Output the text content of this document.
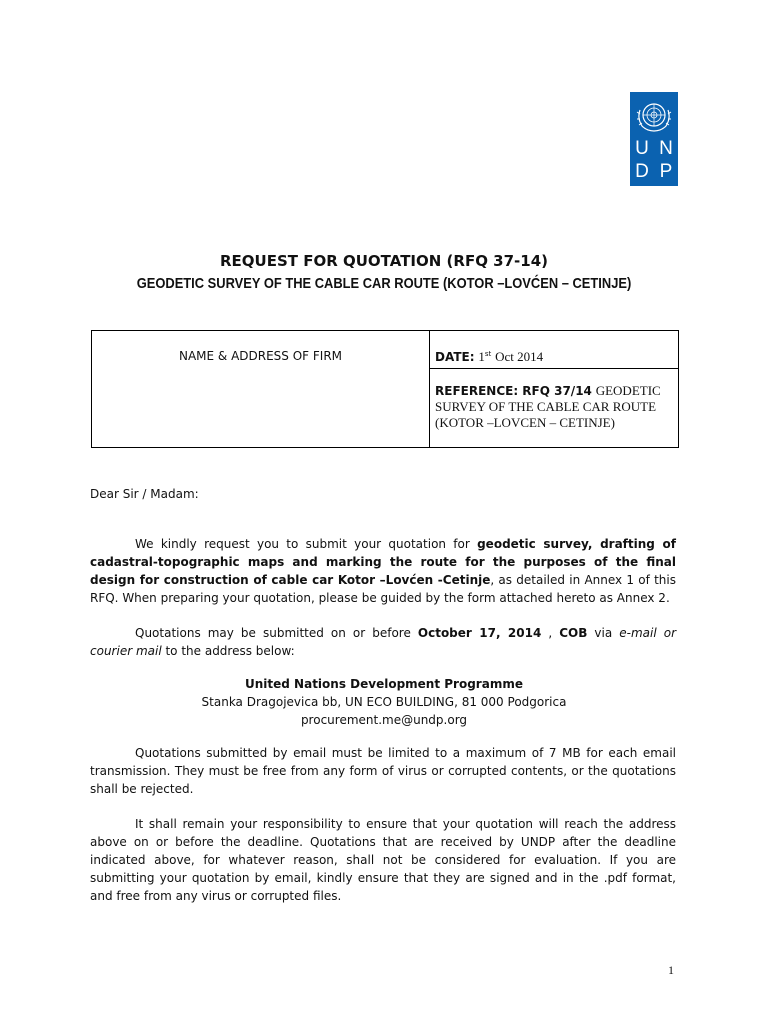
U N
D P
REQUEST FOR QUOTATION (RFQ 37-14)
GEODETIC SURVEY OF THE CABLE CAR ROUTE (KOTOR –LOVĆEN – CETINJE)
NAME & ADDRESS OF FIRM	DATE: 1st Oct 2014
REFERENCE: RFQ 37/14 GEODETIC SURVEY OF THE CABLE CAR ROUTE (KOTOR –LOVCEN – CETINJE)
Dear Sir / Madam:
We kindly request you to submit your quotation for geodetic survey, drafting of cadastral-topographic maps and marking the route for the purposes of the final design for construction of cable car Kotor –Lovćen -Cetinje, as detailed in Annex 1 of this RFQ. When preparing your quotation, please be guided by the form attached hereto as Annex 2.
Quotations may be submitted on or before October 17, 2014 , COB via e-mail or courier mail to the address below:
United Nations Development Programme
Stanka Dragojevica bb, UN ECO BUILDING, 81 000 Podgorica
procurement.me@undp.org
Quotations submitted by email must be limited to a maximum of 7 MB for each email transmission. They must be free from any form of virus or corrupted contents, or the quotations shall be rejected.
It shall remain your responsibility to ensure that your quotation will reach the address above on or before the deadline. Quotations that are received by UNDP after the deadline indicated above, for whatever reason, shall not be considered for evaluation. If you are submitting your quotation by email, kindly ensure that they are signed and in the .pdf format, and free from any virus or corrupted files.
1
